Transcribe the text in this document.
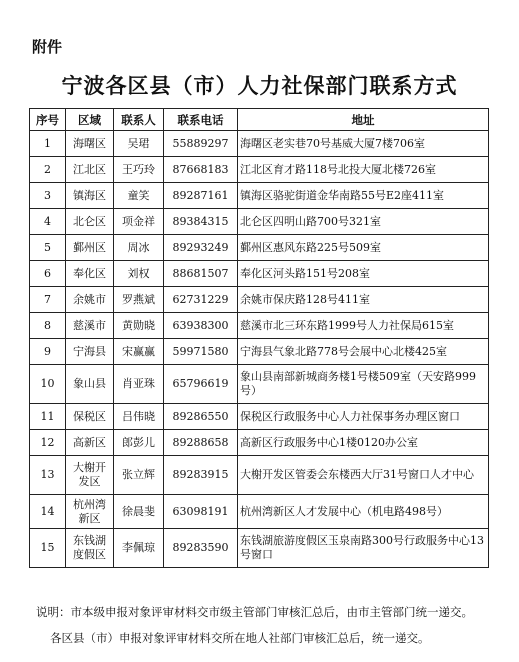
附件
宁波各区县（市）人力社保部门联系方式
序号	区域	联系人	联系电话	地址
1	海曙区	吴珺	55889297	海曙区老实巷70号基威大厦7楼706室
2	江北区	王巧玲	87668183	江北区育才路118号北投大厦北楼726室
3	镇海区	童笑	89287161	镇海区骆驼街道金华南路55号E2座411室
4	北仑区	项金祥	89384315	北仑区四明山路700号321室
5	鄞州区	周冰	89293249	鄞州区惠风东路225号509室
6	奉化区	刘权	88681507	奉化区河头路151号208室
7	余姚市	罗燕斌	62731229	余姚市保庆路128号411室
8	慈溪市	黄勋晓	63938300	慈溪市北三环东路1999号人力社保局615室
9	宁海县	宋赢赢	59971580	宁海县气象北路778号会展中心北楼425室
10	象山县	肖亚珠	65796619	象山县南部新城商务楼1号楼509室（天安路999号）
11	保税区	吕伟晓	89286550	保税区行政服务中心人力社保事务办理区窗口
12	高新区	郎彭儿	89288658	高新区行政服务中心1楼0120办公室
13	大榭开发区	张立辉	89283915	大榭开发区管委会东楼西大厅31号窗口人才中心
14	杭州湾新区	徐晨斐	63098191	杭州湾新区人才发展中心（机电路498号）
15	东钱湖度假区	李佩琼	89283590	东钱湖旅游度假区玉泉南路300号行政服务中心13号窗口
说明：市本级申报对象评审材料交市级主管部门审核汇总后，由市主管部门统一递交。
各区县（市）申报对象评审材料交所在地人社部门审核汇总后，统一递交。
